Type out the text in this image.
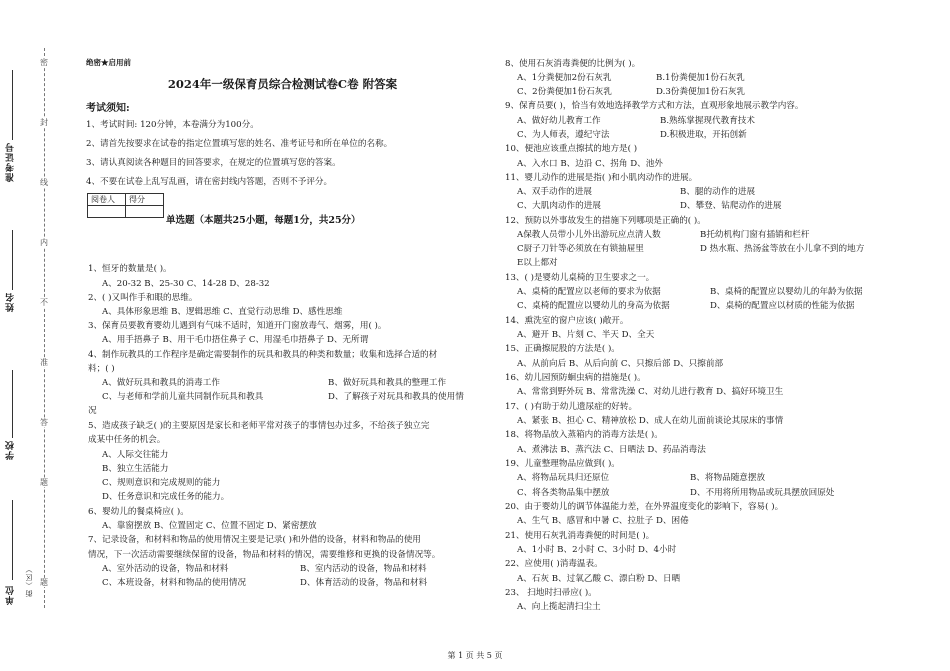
密
封
线
内
不
准
答
题
题
准考证号
姓名
学校
单位 街（区）
绝密★启用前
2024年一级保育员综合检测试卷C卷 附答案
考试须知:
1、考试时间: 120分钟，本卷满分为100分。
2、请首先按要求在试卷的指定位置填写您的姓名、准考证号和所在单位的名称。
3、请认真阅读各种题目的回答要求，在规定的位置填写您的答案。
4、不要在试卷上乱写乱画，请在密封线内答题，否则不予评分。
阅卷人	得分

单选题（本题共25小题，每题1分，共25分）
1、恒牙的数量是( )。
A、20-32 B、25-30 C、14-28 D、28-32
2、( )又叫作手和眼的思维。
A、具体形象思维 B、逻辑思维 C、直觉行动思维 D、感性思维
3、保育员要教育婴幼儿遇到有气味不适时，知道开门窗放毒气、烟雾，用( )。
A、用手捂鼻子 B、用干毛巾捂住鼻子 C、用湿毛巾捂鼻子 D、无所谓
4、制作玩教具的工作程序是确定需要制作的玩具和教具的种类和数量；收集和选择合适的材
料；( )
A、做好玩具和教具的消毒工作	B、做好玩具和教具的整理工作
C、与老师和学前儿童共同制作玩具和教具	D、了解孩子对玩具和教具的使用情
况
5、造成孩子缺乏( )的主要原因是家长和老师平常对孩子的事情包办过多，不给孩子独立完
成某中任务的机会。
A、人际交往能力
B、独立生活能力
C、规则意识和完成规则的能力
D、任务意识和完成任务的能力。
6、婴幼儿的餐桌椅应( )。
A、靠窗摆放 B、位置固定 C、位置不固定 D、紧密摆放
7、记录设备，和材料和物品的使用情况主要是记录( )和外借的设备，材料和物品的使用
情况，下一次活动需要继续保留的设备，物品和材料的情况，需要维修和更换的设备情况等。
A、室外活动的设备，物品和材料	B、室内活动的设备，物品和材料
C、本班设备，材料和物品的使用情况	D、体育活动的设备，物品和材料
8、使用石灰消毒粪便的比例为( )。
A、1分粪便加2份石灰乳	B.1份粪便加1份石灰乳
C、2份粪便加1份石灰乳	D.3份粪便加1份石灰乳
9、保育员要( )，恰当有效地选择教学方式和方法，直观形象地展示教学内容。
A、做好幼儿教育工作	B.熟练掌握现代教育技术
C、为人师表，遵纪守法	D.积极进取，开拓创新
10、便池应该重点擦拭的地方是( )
A、入水口 B、边沿 C、拐角 D、池外
11、婴儿动作的进展是指( )和小肌肉动作的进展。
A、双手动作的进展	B、腿的动作的进展
C、大肌肉动作的进展	D、攀登、钻爬动作的进展
12、预防以外事故发生的措施下列哪项是正确的( )。
A保教人员带小儿外出游玩应点清人数	B托幼机构门窗有插销和栏杆
C厨子刀针等必须放在有锁抽屉里	D 热水瓶、热汤盆等放在小儿拿不到的地方
E以上都对
13、( )是婴幼儿桌椅的卫生要求之一。
A、桌椅的配置应以老师的要求为依据	B、桌椅的配置应以婴幼儿的年龄为依据
C、桌椅的配置应以婴幼儿的身高为依据	D、桌椅的配置应以材质的性能为依据
14、熏洗室的窗户应该( )敞开。
A、避开 B、片刻 C、半天 D、全天
15、正确擦屁股的方法是( )。
A、从前向后 B、从后向前 C、只擦后部 D、只擦前部
16、幼儿园预防蛔虫病的措施是( )。
A、常常到野外玩 B、常常洗澡 C、对幼儿进行教育 D、搞好环境卫生
17、( )有助于幼儿遗尿症的好转。
A、紧张 B、担心 C、精神放松 D、成人在幼儿面前谈论其尿床的事情
18、将物品放入蒸箱内的消毒方法是( )。
A、煮沸法 B、蒸汽法 C、日晒法 D、药品消毒法
19、儿童整理物品应做到( )。
A、将物品玩具归还原位	B、将物品随意摆放
C、将各类物品集中摆放	D、不用将所用物品或玩具摆放回原处
20、由于婴幼儿的调节体温能力差，在外界温度变化的影响下，容易( )。
A、生气 B、感冒和中暑 C、拉肚子 D、困倦
21、使用石灰乳消毒粪便的时间是( )。
A、1小时 B、2小时 C、3小时 D、4小时
22、应使用( )消毒温表。
A、石灰 B、过氧乙酸 C、漂白粉 D、日晒
23、 扫地时扫帚应( )。
A、向上揽起清扫尘土
第 1 页 共 5 页
